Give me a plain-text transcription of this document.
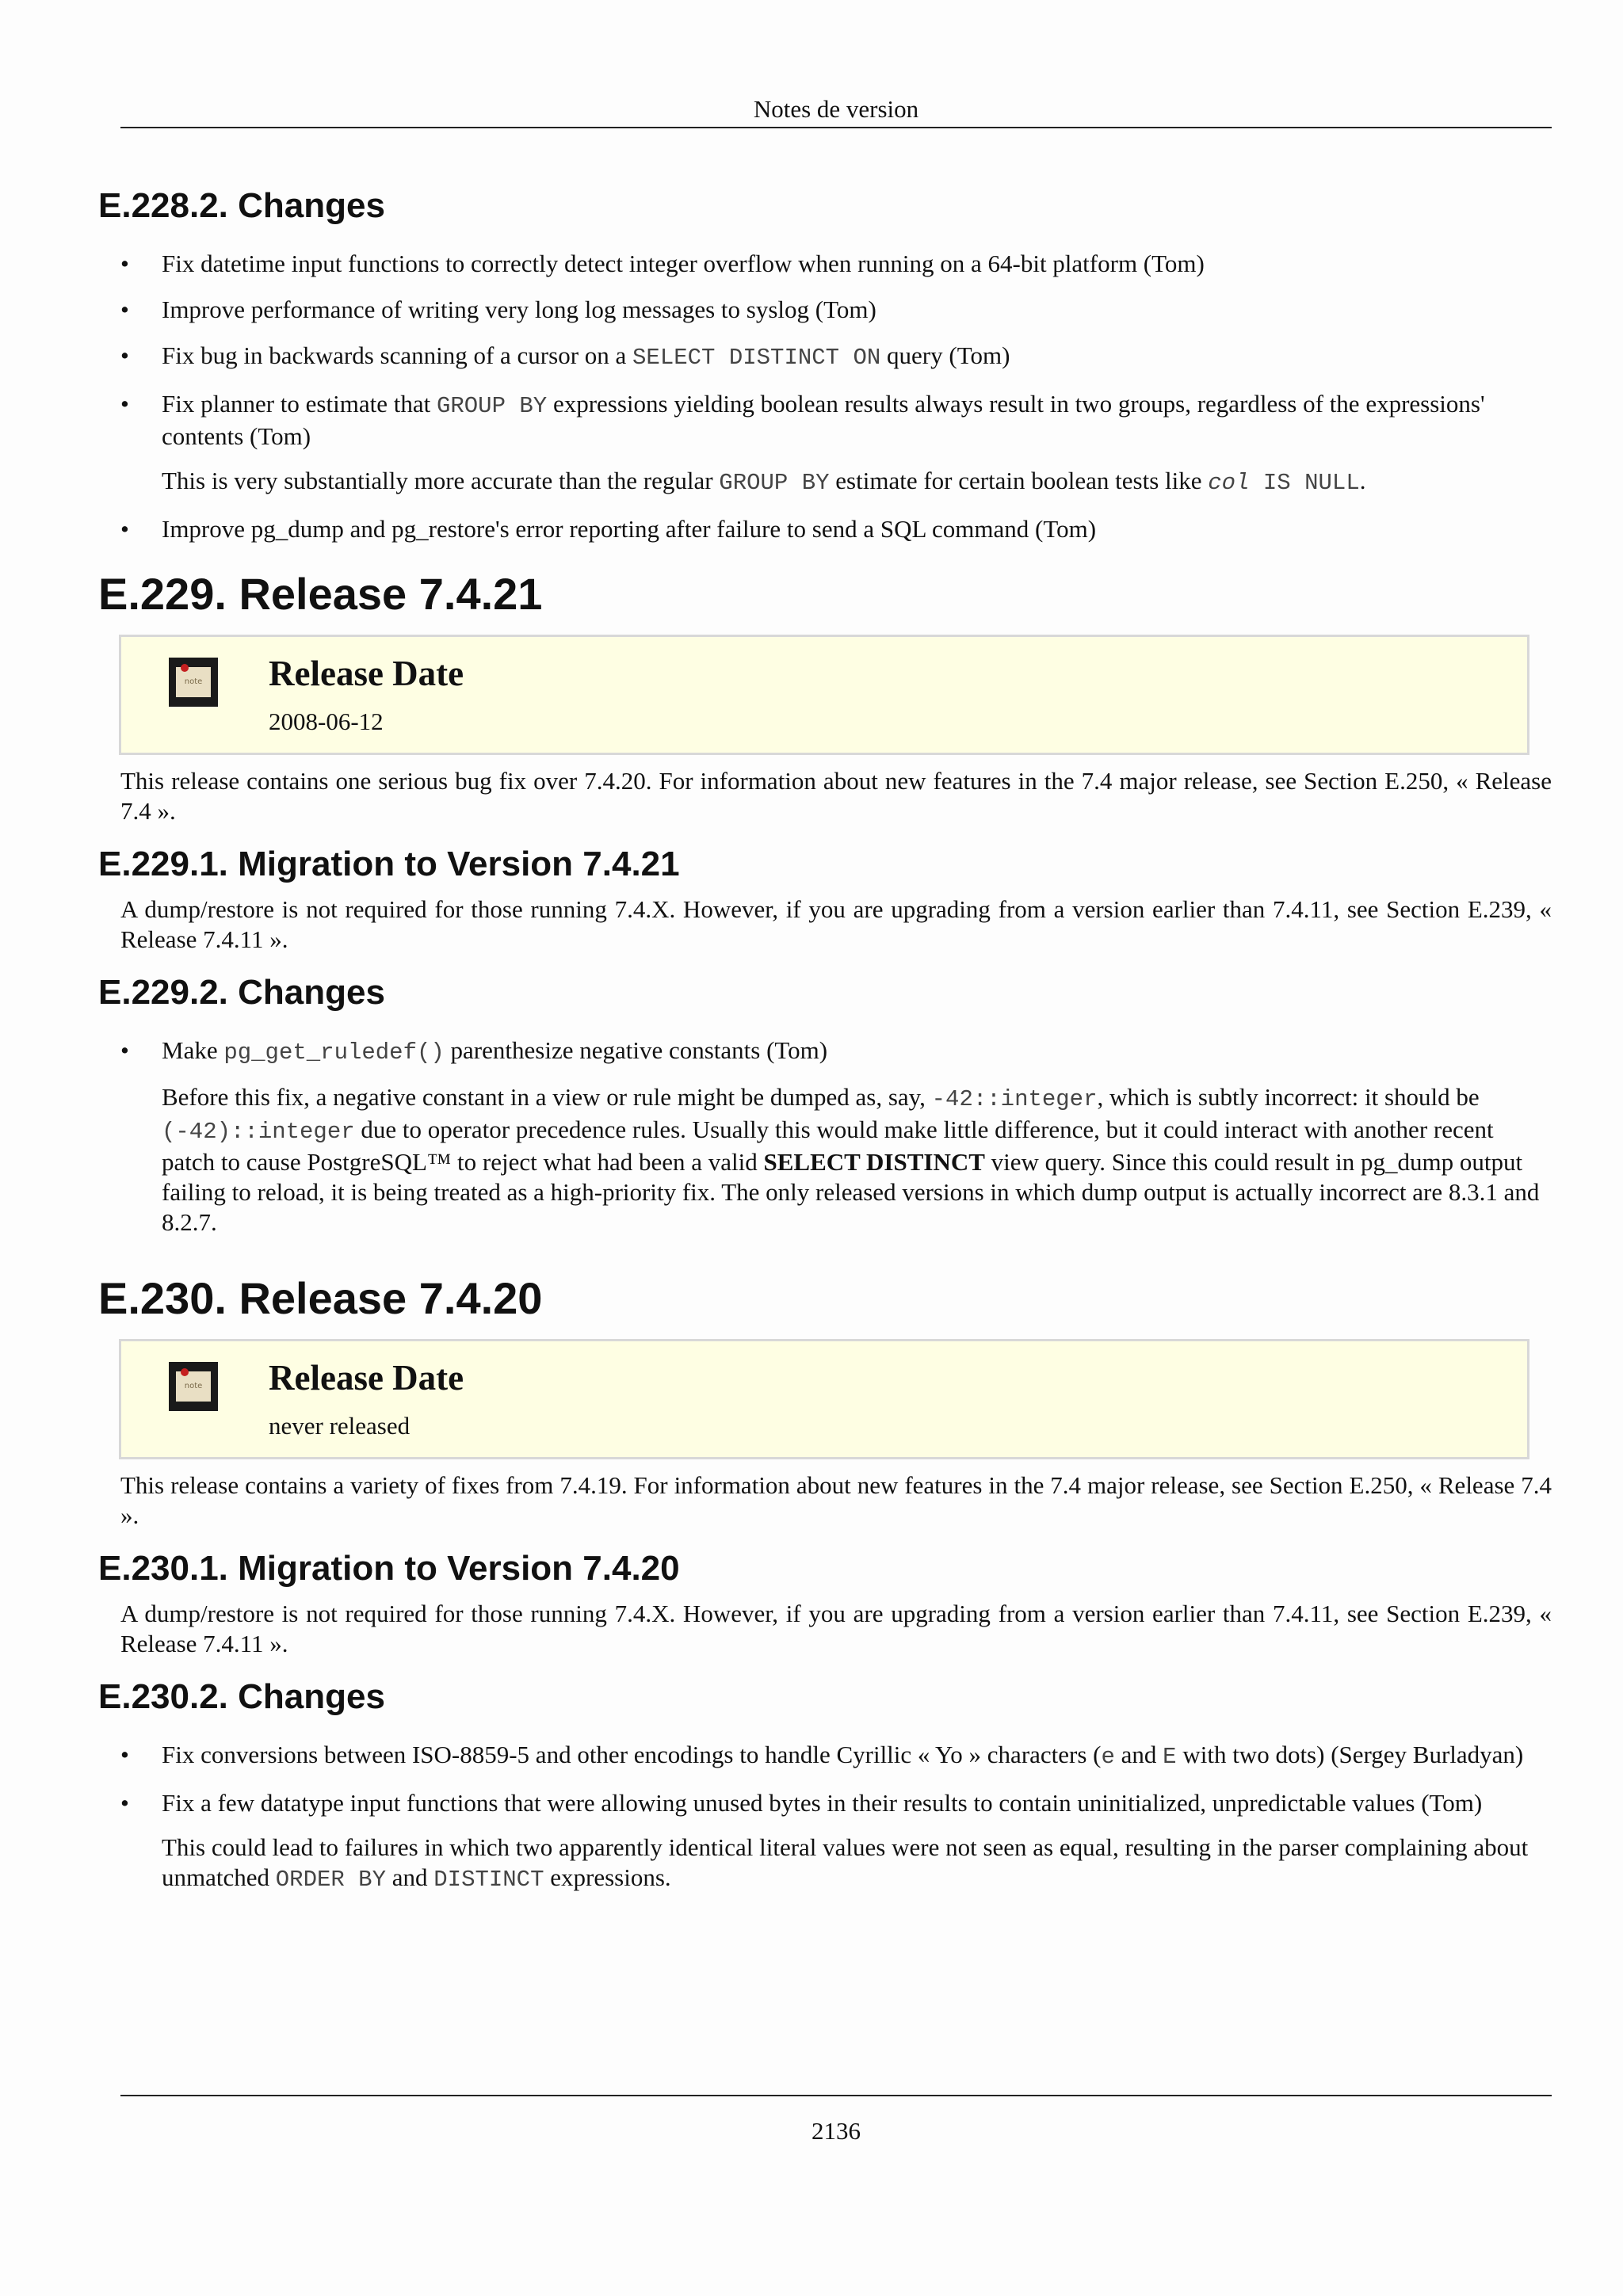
Notes de version
E.228.2. Changes
• Fix datetime input functions to correctly detect integer overflow when running on a 64-bit platform (Tom)
• Improve performance of writing very long log messages to syslog (Tom)
• Fix bug in backwards scanning of a cursor on a SELECT DISTINCT ON query (Tom)
• Fix planner to estimate that GROUP BY expressions yielding boolean results always result in two groups, regardless of the expressions' contents (Tom)
This is very substantially more accurate than the regular GROUP BY estimate for certain boolean tests like col IS NULL.
• Improve pg_dump and pg_restore's error reporting after failure to send a SQL command (Tom)
E.229. Release 7.4.21
note Release Date
2008-06-12

This release contains one serious bug fix over 7.4.20. For information about new features in the 7.4 major release, see Section E.250, « Release 7.4 ».

E.229.1. Migration to Version 7.4.21

A dump/restore is not required for those running 7.4.X. However, if you are upgrading from a version earlier than 7.4.11, see Section E.239, « Release 7.4.11 ».

E.229.2. Changes
• Make pg_get_ruledef() parenthesize negative constants (Tom)
Before this fix, a negative constant in a view or rule might be dumped as, say, -42::integer, which is subtly incorrect: it should be (-42)::integer due to operator precedence rules. Usually this would make little difference, but it could interact with another recent patch to cause PostgreSQL™ to reject what had been a valid SELECT DISTINCT view query. Since this could result in pg_dump output failing to reload, it is being treated as a high-priority fix. The only released versions in which dump output is actually incorrect are 8.3.1 and 8.2.7.
E.230. Release 7.4.20
note Release Date
never released

This release contains a variety of fixes from 7.4.19. For information about new features in the 7.4 major release, see Section E.250, « Release 7.4 ».

E.230.1. Migration to Version 7.4.20

A dump/restore is not required for those running 7.4.X. However, if you are upgrading from a version earlier than 7.4.11, see Section E.239, « Release 7.4.11 ».

E.230.2. Changes
• Fix conversions between ISO-8859-5 and other encodings to handle Cyrillic « Yo » characters (e and E with two dots) (Sergey Burladyan)
• Fix a few datatype input functions that were allowing unused bytes in their results to contain uninitialized, unpredictable values (Tom)
This could lead to failures in which two apparently identical literal values were not seen as equal, resulting in the parser complaining about unmatched ORDER BY and DISTINCT expressions.
2136
